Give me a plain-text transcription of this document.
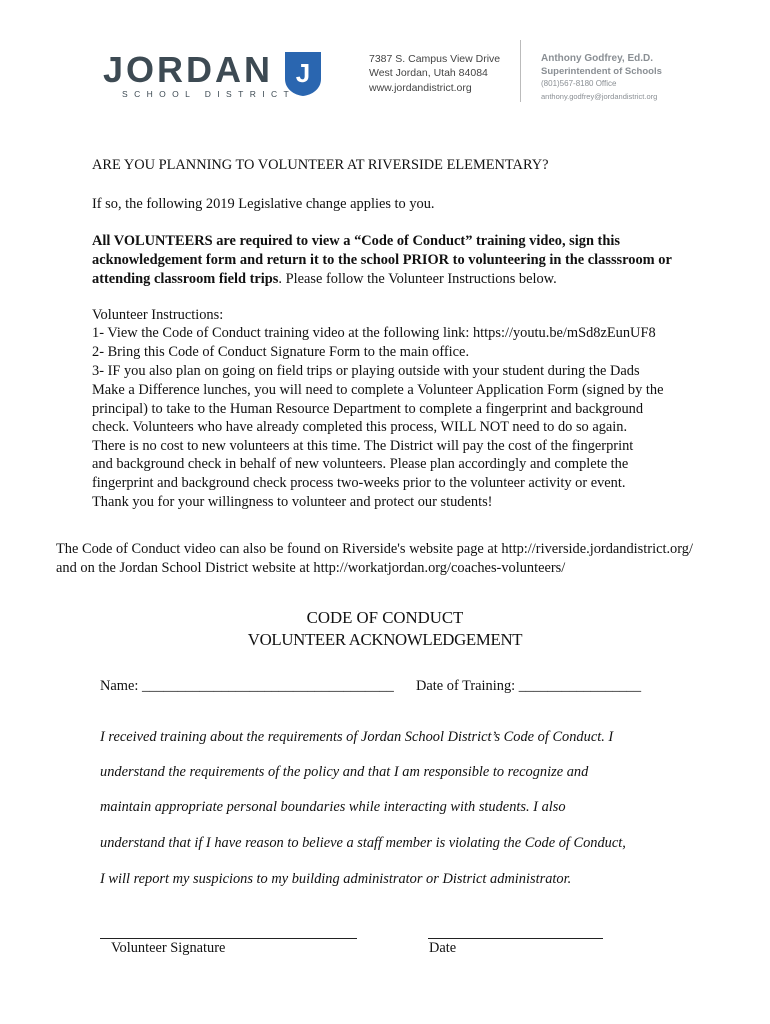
JORDAN J
SCHOOL DISTRICT
7387 S. Campus View Drive
West Jordan, Utah 84084
www.jordandistrict.org
Anthony Godfrey, Ed.D.
Superintendent of Schools
(801)567-8180 Office
anthony.godfrey@jordandistrict.org
ARE YOU PLANNING TO VOLUNTEER AT RIVERSIDE ELEMENTARY?
If so, the following 2019 Legislative change applies to you.
All VOLUNTEERS are required to view a “Code of Conduct” training video, sign this
acknowledgement form and return it to the school PRIOR to volunteering in the classsroom or
attending classroom field trips. Please follow the Volunteer Instructions below.
Volunteer Instructions:
1- View the Code of Conduct training video at the following link: https://youtu.be/mSd8zEunUF8
2- Bring this Code of Conduct Signature Form to the main office.
3- IF you also plan on going on field trips or playing outside with your student during the Dads
Make a Difference lunches, you will need to complete a Volunteer Application Form (signed by the
principal) to take to the Human Resource Department to complete a fingerprint and background
check. Volunteers who have already completed this process, WILL NOT need to do so again.
There is no cost to new volunteers at this time. The District will pay the cost of the fingerprint
and background check in behalf of new volunteers. Please plan accordingly and complete the
fingerprint and background check process two-weeks prior to the volunteer activity or event.
Thank you for your willingness to volunteer and protect our students!
The Code of Conduct video can also be found on Riverside's website page at http://riverside.jordandistrict.org/
and on the Jordan School District website at http://workatjordan.org/coaches-volunteers/
CODE OF CONDUCT
VOLUNTEER ACKNOWLEDGEMENT
Name: ___________________________________ Date of Training: _________________
I received training about the requirements of Jordan School District’s Code of Conduct. I
understand the requirements of the policy and that I am responsible to recognize and
maintain appropriate personal boundaries while interacting with students. I also
understand that if I have reason to believe a staff member is violating the Code of Conduct,
I will report my suspicions to my building administrator or District administrator.
Volunteer Signature	Date
